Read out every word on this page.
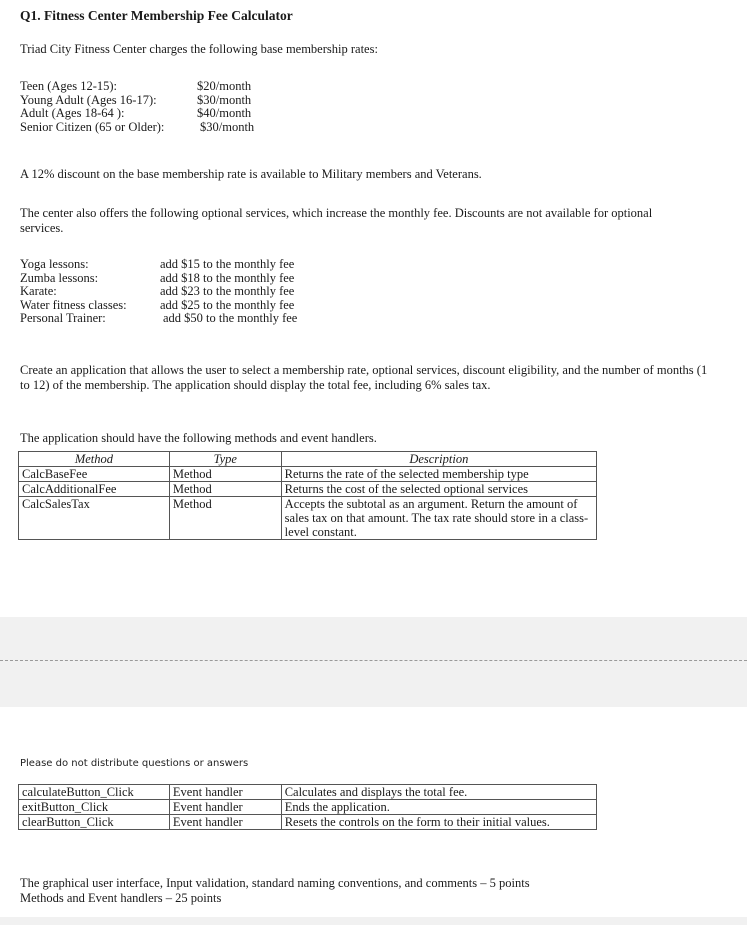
Q1. Fitness Center Membership Fee Calculator
Triad City Fitness Center charges the following base membership rates:
Teen (Ages 12-15):	$20/month
Young Adult (Ages 16-17):	$30/month
Adult (Ages 18-64 ):	$40/month
Senior Citizen (65 or Older):	$30/month
A 12% discount on the base membership rate is available to Military members and Veterans.
The center also offers the following optional services, which increase the monthly fee. Discounts are not available for optional services.
Yoga lessons:	add $15 to the monthly fee
Zumba lessons:	add $18 to the monthly fee
Karate:	add $23 to the monthly fee
Water fitness classes:	add $25 to the monthly fee
Personal Trainer:	add $50 to the monthly fee
Create an application that allows the user to select a membership rate, optional services, discount eligibility, and the number of months (1 to 12) of the membership. The application should display the total fee, including 6% sales tax.
The application should have the following methods and event handlers.
Method	Type	Description
CalcBaseFee	Method	Returns the rate of the selected membership type
CalcAdditionalFee	Method	Returns the cost of the selected optional services
CalcSalesTax	Method	Accepts the subtotal as an argument. Return the amount of sales tax on that amount. The tax rate should store in a class-level constant.
Please do not distribute questions or answers
calculateButton_Click	Event handler	Calculates and displays the total fee.
exitButton_Click	Event handler	Ends the application.
clearButton_Click	Event handler	Resets the controls on the form to their initial values.
The graphical user interface, Input validation, standard naming conventions, and comments – 5 points
Methods and Event handlers – 25 points
